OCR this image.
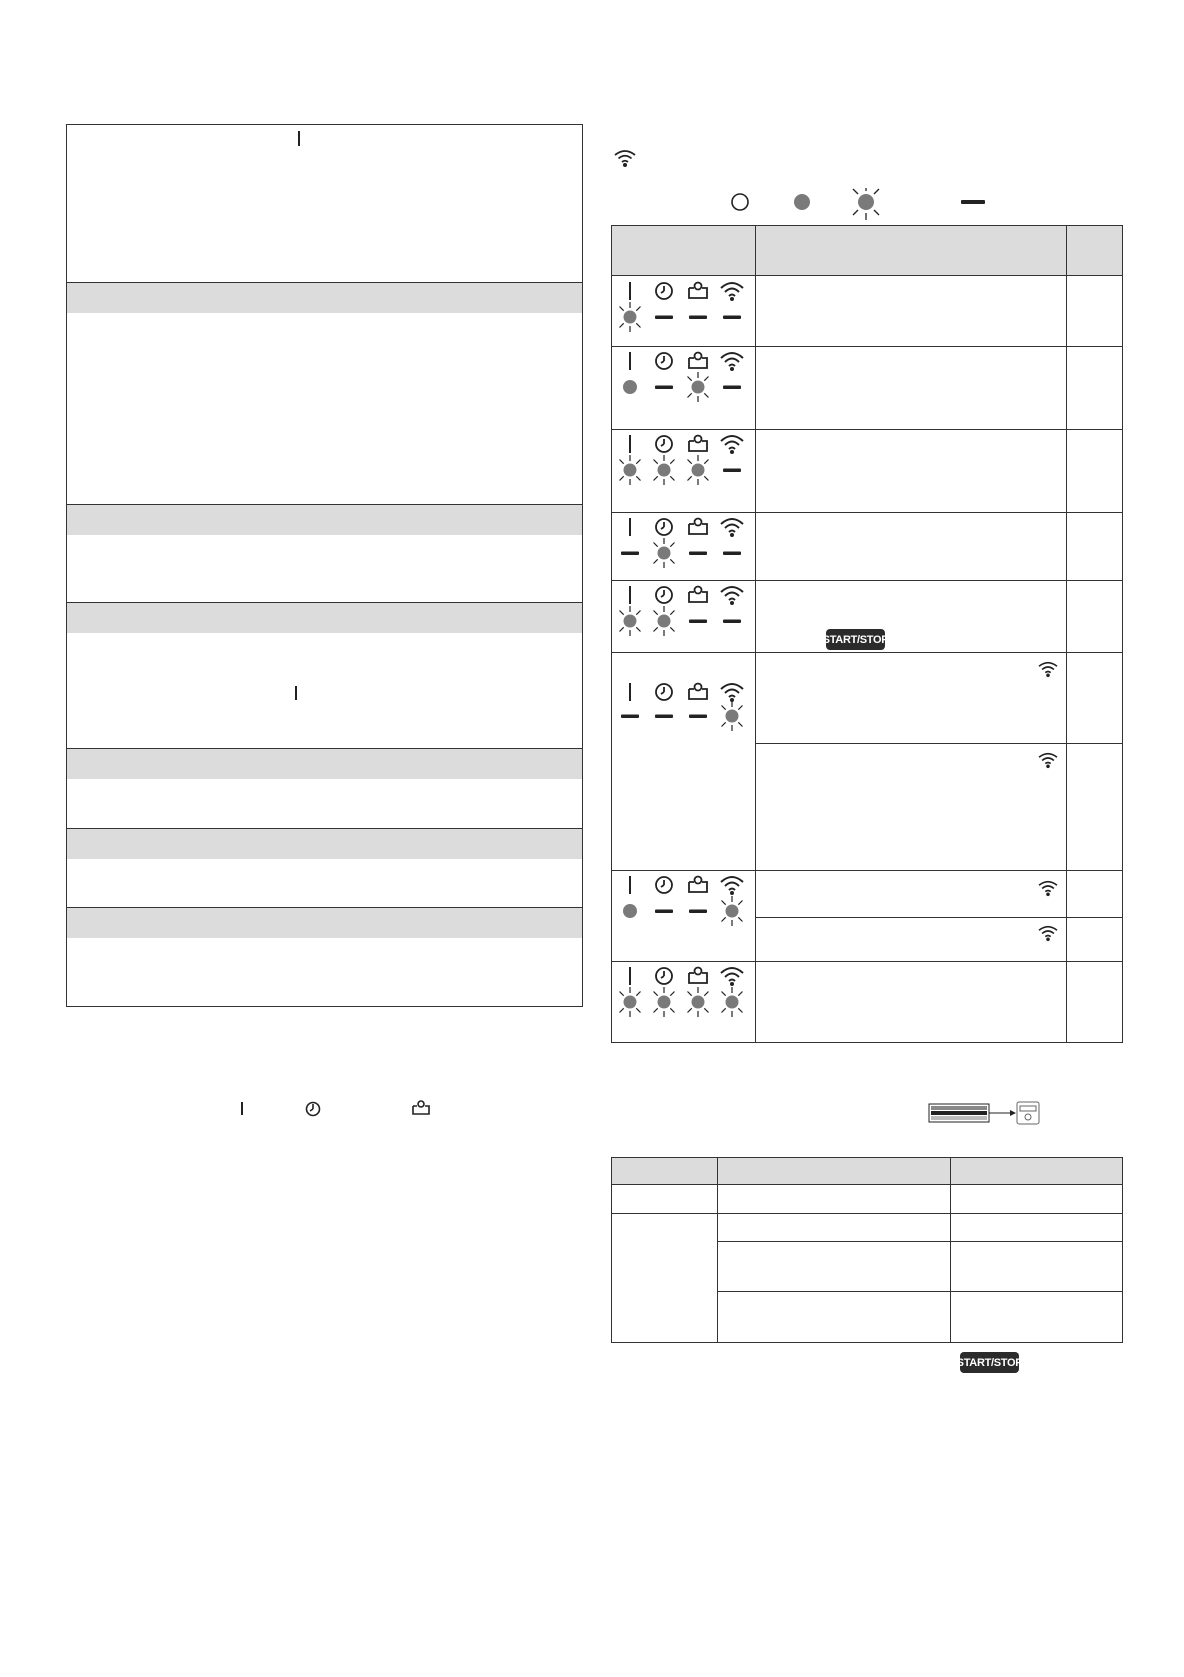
START/STOP
START/STOP
